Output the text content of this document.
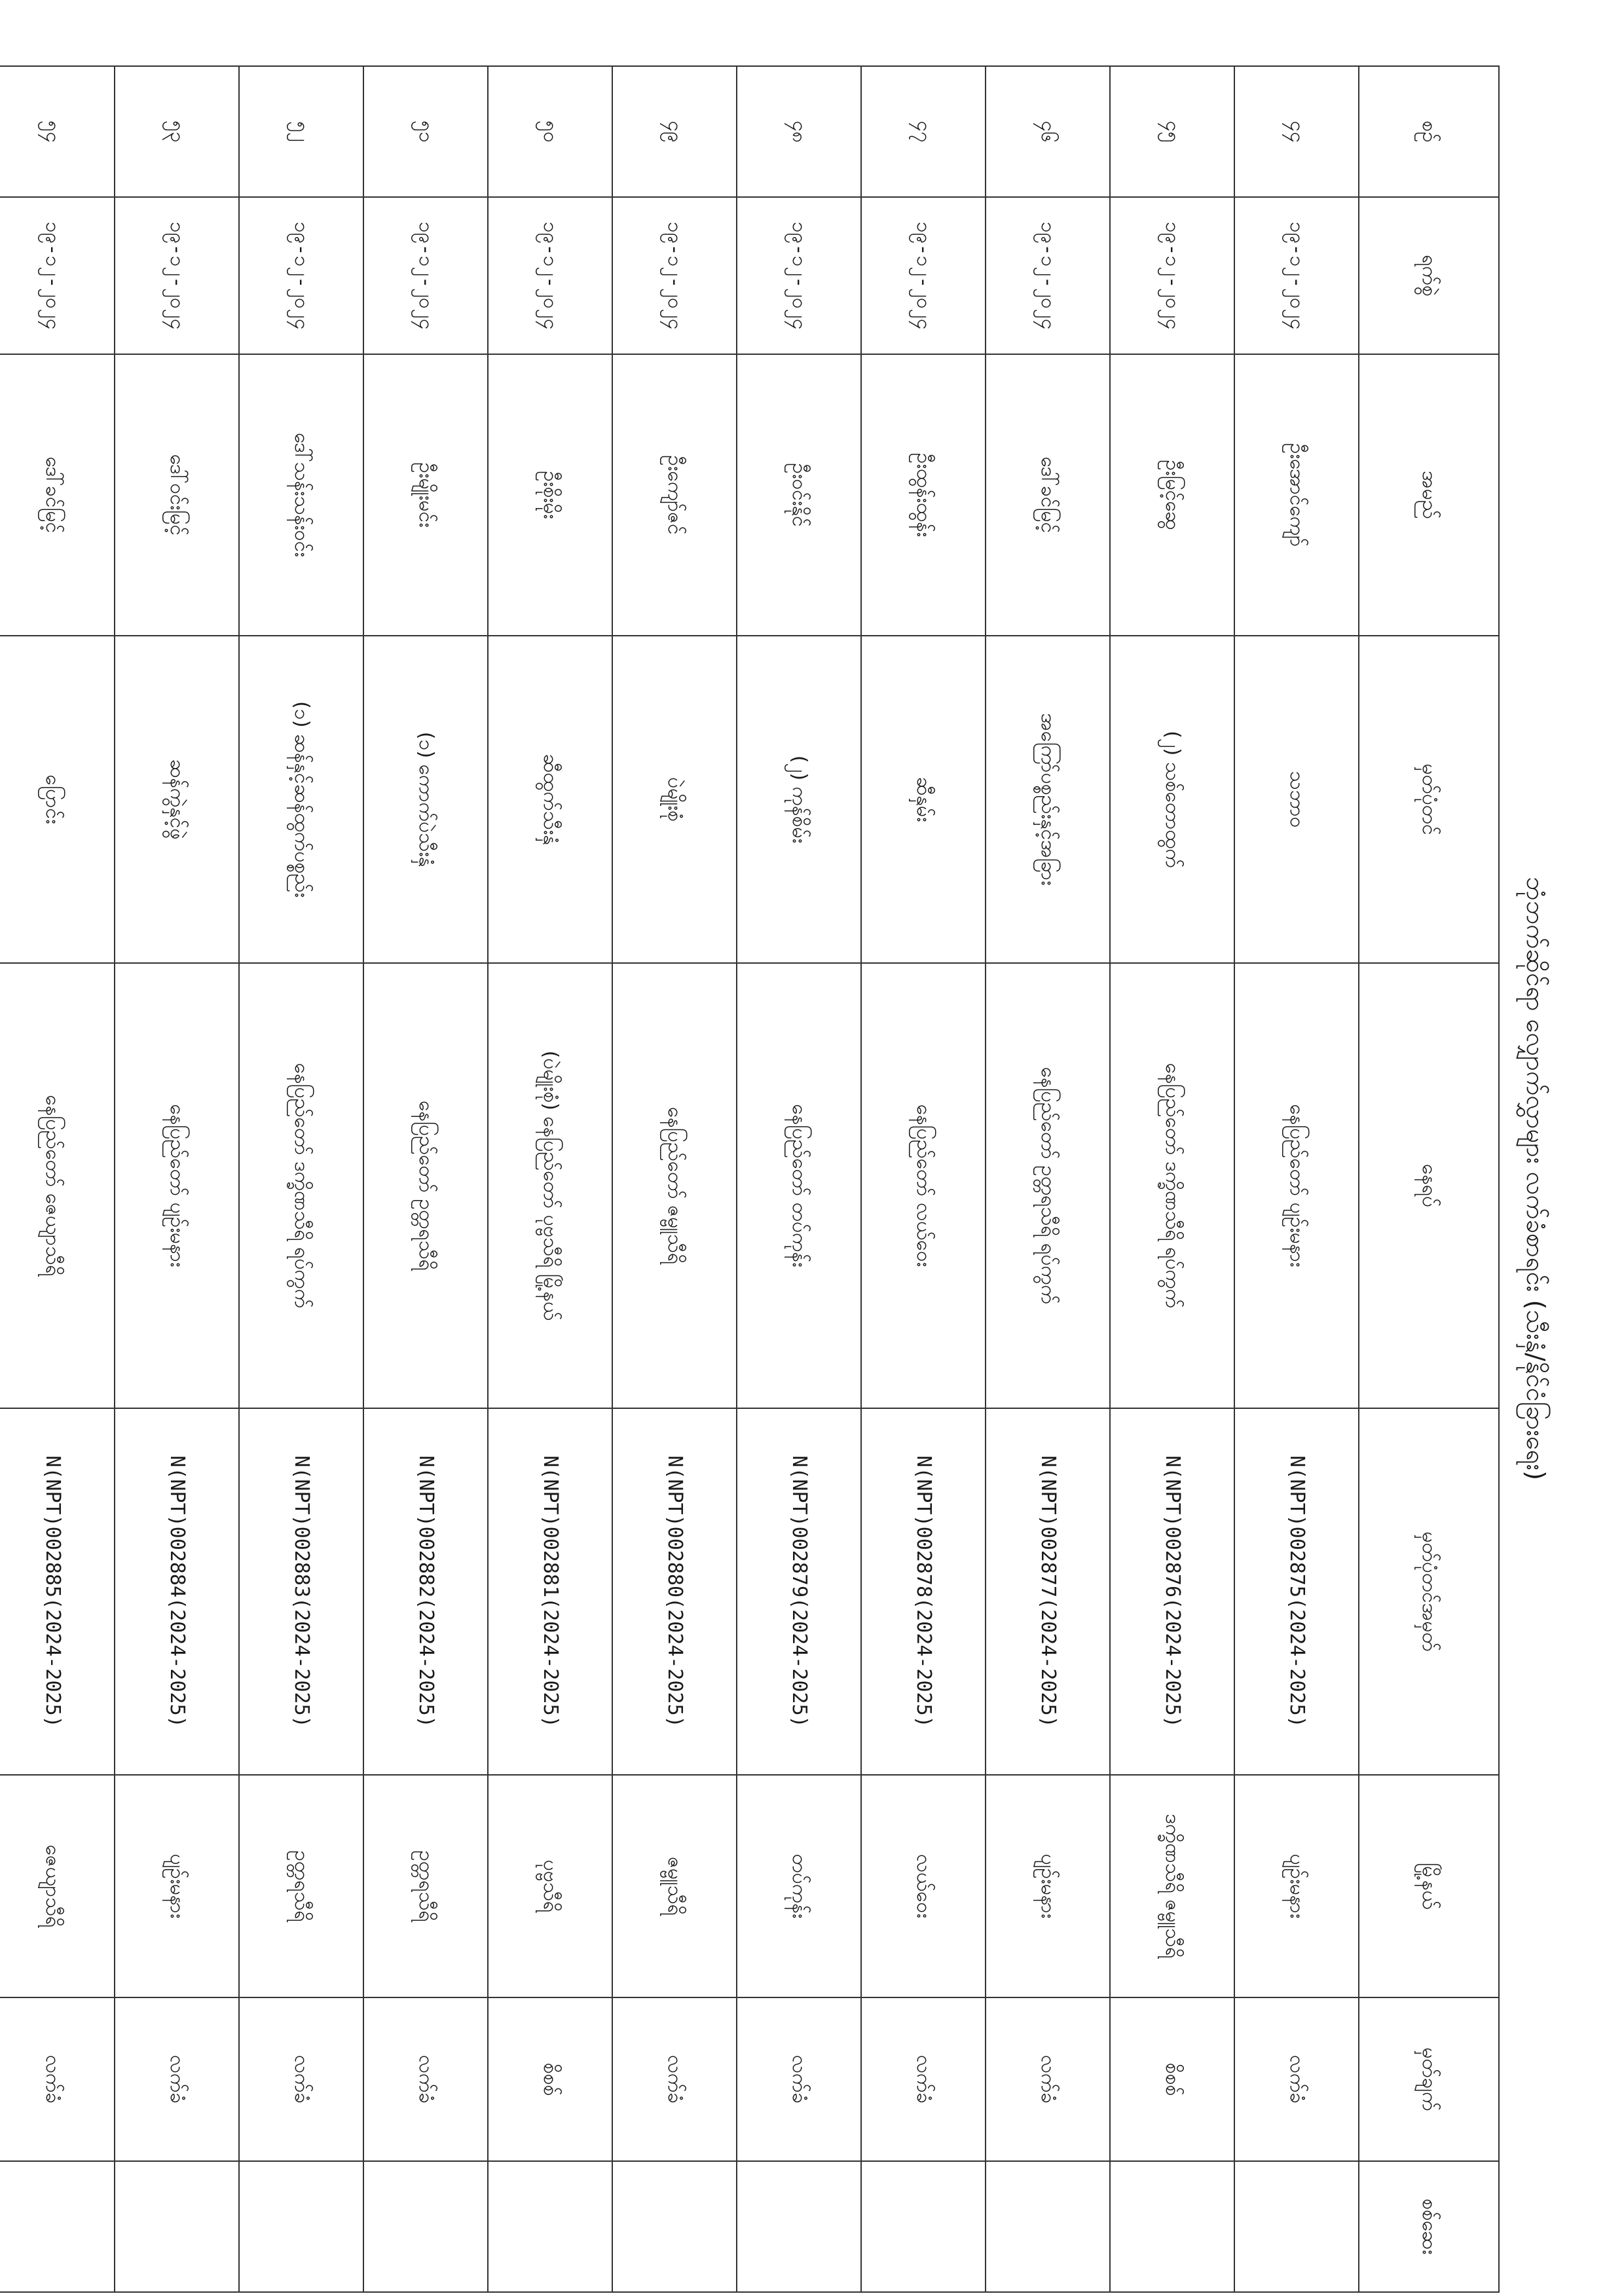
ဘုံဘက်ဆိုင်ရာ လျှောက်လွှာများ လက်ခံစာရင်း (သီးနှံ/နိုင်ငံခြားရေး)
စဉ်	ရက်စွဲ	အမည်	မှတ်ပုံတင်	နေရပ်	မှတ်ပုံတင်အမှတ်	မြို့နယ်	မှတ်ချက်	စစ်ဆေး
၄၄	၁၉-၁၂-၂၀၂၄	ဦးအောင်ကျော်	သဘာဝ	နေပြည်တော် ပျဉ်းမနား	N(NPT)002875(2024-2025)	ပျဉ်းမနား	လက်ခံ	
၄၅	၁၉-၁၂-၂၀၂၄	ဦးမြင့်ဆွေ	(၂) သစ်တောထွက်	နေပြည်တော် ဒက္ခိဏသီရိ ရပ်ကွက်	N(NPT)002876(2024-2025)	ဒက္ခိဏသီရိ ဇမ္ဗူသီရိ	စိစစ်	
၄၆	၁၉-၁၂-၂၀၂၄	ဒေါ်ခင်မြင့်	အကြော်ပစ္စည်းနှင့်အခြား	နေပြည်တော် ဥတ္တရသီရိ ရပ်ကွက်	N(NPT)002877(2024-2025)	ပျဉ်းမနား	လက်ခံ	
၄၇	၁၉-၁၂-၂၀၂၄	ဦးထွန်းထွန်း	ဆီနှမ်း	နေပြည်တော် လယ်ဝေး	N(NPT)002878(2024-2025)	လယ်ဝေး	လက်ခံ	
၄၈	၁၉-၁၂-၂၀၂၄	ဦးဝင်းနိုင်	(၂) ကုန်စိမ်း	နေပြည်တော် တပ်ကုန်း	N(NPT)002879(2024-2025)	တပ်ကုန်း	လက်ခံ	
၄၉	၁၉-၁၂-၂၀၂၄	ဦးကျော်ဇင်	ပဲမျိုးစုံ	နေပြည်တော် ဇမ္ဗူသီရိ	N(NPT)002880(2024-2025)	ဇမ္ဗူသီရိ	လက်ခံ	
၅၀	၁၉-၁၂-၂၀၂၄	ဦးစိုးမိုး	ဆီထွက်သီးနှံ	(ပဲမျိုးစုံ) နေပြည်တော် ပုဗ္ဗသီရိ မြို့နယ်	N(NPT)002881(2024-2025)	ပုဗ္ဗသီရိ	စိစစ်	
၅၁	၁၉-၁၂-၂၀၂၄	ဦးမျိုးမင်း	(၁) ကောက်ပဲသီးနှံ	နေပြည်တော် ဥတ္တရသီရိ	N(NPT)002882(2024-2025)	ဥတ္တရသီရိ	လက်ခံ	
၅၂	၁၉-၁၂-၂၀၂၄	ဒေါ်သန်းသန်းဝင်း	(၁) ဆန်နှင့်ဆန်ထွက်ပစ္စည်း	နေပြည်တော် ဒက္ခိဏသီရိ ရပ်ကွက်	N(NPT)002883(2024-2025)	ဥတ္တရသီရိ	လက်ခံ	
၅၃	၁၉-၁၂-၂၀၂၄	ဒေါ်ဝင်းမြင့်	ဆန်ကွဲနှင့်ဖွဲ	နေပြည်တော် ပျဉ်းမနား	N(NPT)002884(2024-2025)	ပျဉ်းမနား	လက်ခံ	
၅၄	၁၉-၁၂-၂၀၂၄	ဒေါ်ခင်မြင့်	ပြောင်း	နေပြည်တော် ဇေယျာသီရိ	N(NPT)002885(2024-2025)	ဇေယျာသီရိ	လက်ခံ	
